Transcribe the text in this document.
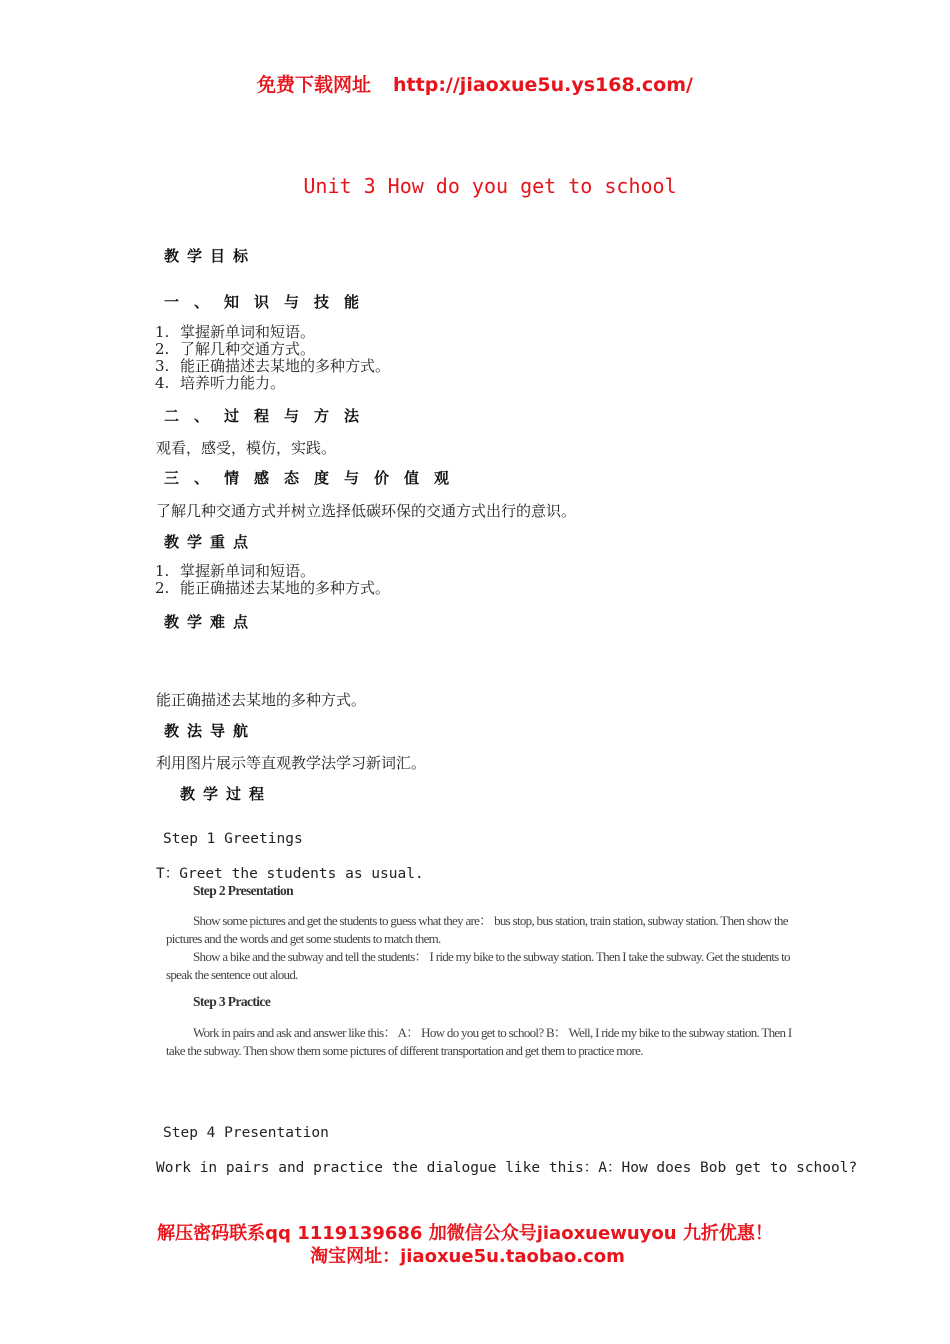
免费下载网址 http://jiaoxue5u.ys168.com/
Unit 3 How do you get to school
教学目标
一、知识与技能
1. 掌握新单词和短语。
2. 了解几种交通方式。
3. 能正确描述去某地的多种方式。
4. 培养听力能力。
二、过程与方法
观看，感受，模仿，实践。
三、情感态度与价值观
了解几种交通方式并树立选择低碳环保的交通方式出行的意识。
教学重点
1. 掌握新单词和短语。
2. 能正确描述去某地的多种方式。
教学难点
能正确描述去某地的多种方式。
教法导航
利用图片展示等直观教学法学习新词汇。
教学过程
Step 1 Greetings
T：Greet the students as usual.
Step 2 Presentation
Show some pictures and get the students to guess what they are： bus stop, bus station, train station, subway station. Then show the pictures and the words and get some students to match them.
Show a bike and the subway and tell the students： I ride my bike to the subway station. Then I take the subway. Get the students to speak the sentence out aloud.
Step 3 Practice
Work in pairs and ask and answer like this： A： How do you get to school? B： Well, I ride my bike to the subway station. Then I take the subway. Then show them some pictures of different transportation and get them to practice more.
Step 4 Presentation
Work in pairs and practice the dialogue like this：A：How does Bob get to school?
解压密码联系qq 1119139686 加微信公众号jiaoxuewuyou 九折优惠！
淘宝网址：jiaoxue5u.taobao.com
